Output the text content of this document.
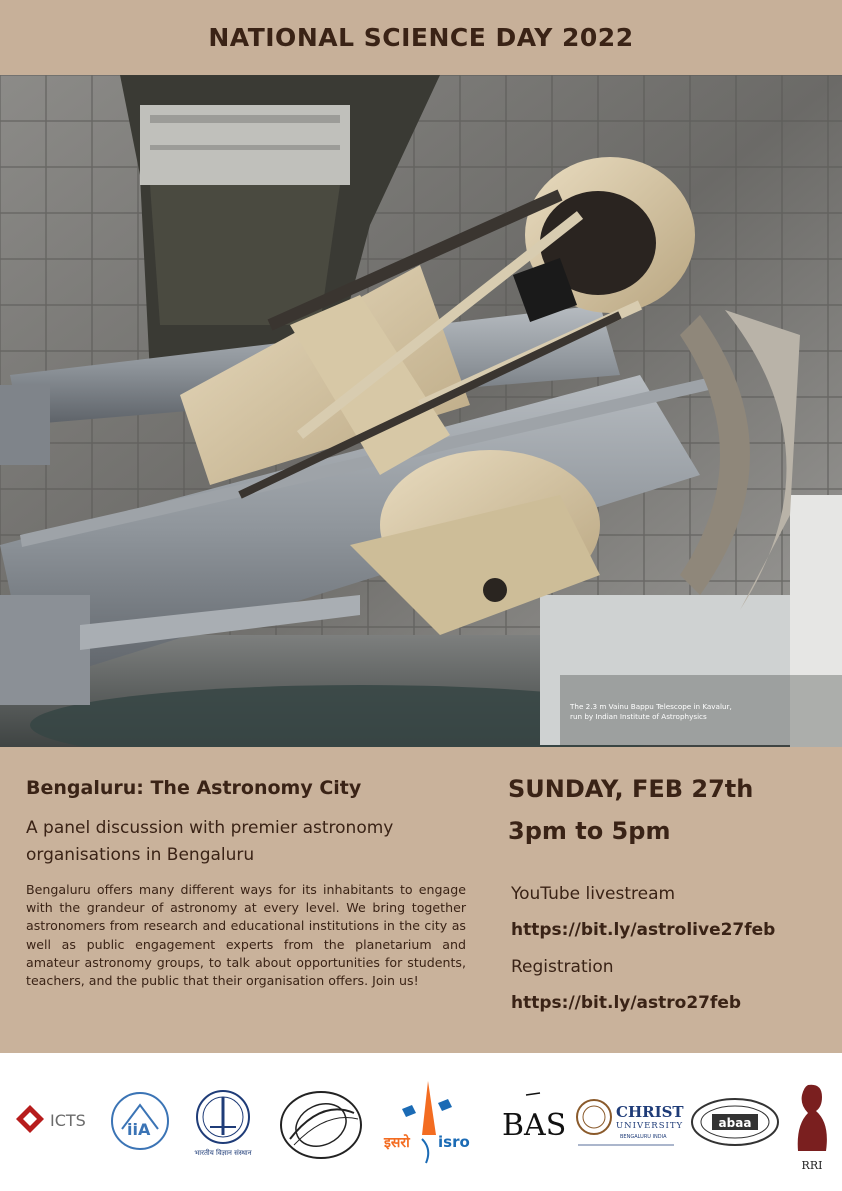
NATIONAL SCIENCE DAY 2022
The 2.3 m Vainu Bappu Telescope in Kavalur,
run by Indian Institute of Astrophysics
Bengaluru: The Astronomy City
A panel discussion with premier astronomy organisations in Bengaluru
Bengaluru offers many different ways for its inhabitants to engage with the grandeur of astronomy at every level. We bring together astronomers from research and educational institutions in the city as well as public engagement experts from the planetarium and amateur astronomy groups, to talk about opportunities for students, teachers, and the public that their organisation offers. Join us!
SUNDAY, FEB 27th
3pm to 5pm
YouTube livestream
https://bit.ly/astrolive27feb
Registration
https://bit.ly/astro27feb
ICTS	iiA
भारतीय विज्ञान संस्थान
इसरो isro BAS	CHRIST
UNIVERSITY
BENGALURU INDIA
abaa
RRI
